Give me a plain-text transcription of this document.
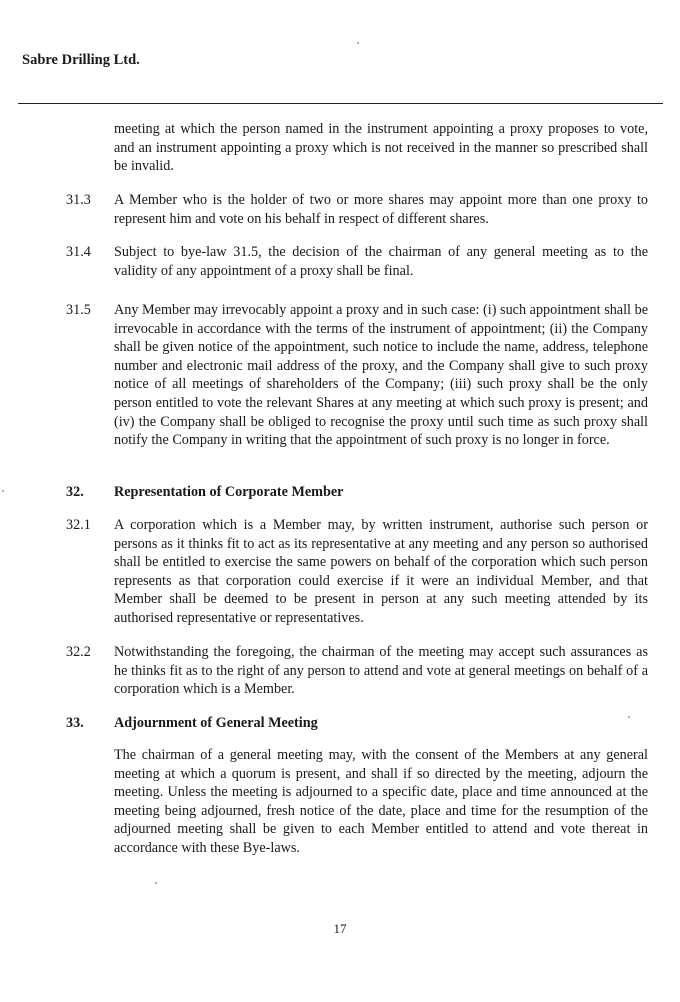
Sabre Drilling Ltd.
meeting at which the person named in the instrument appointing a proxy proposes to vote, and an instrument appointing a proxy which is not received in the manner so prescribed shall be invalid.
31.3 A Member who is the holder of two or more shares may appoint more than one proxy to represent him and vote on his behalf in respect of different shares.
31.4 Subject to bye-law 31.5, the decision of the chairman of any general meeting as to the validity of any appointment of a proxy shall be final.
31.5 Any Member may irrevocably appoint a proxy and in such case: (i) such appointment shall be irrevocable in accordance with the terms of the instrument of appointment; (ii) the Company shall be given notice of the appointment, such notice to include the name, address, telephone number and electronic mail address of the proxy, and the Company shall give to such proxy notice of all meetings of shareholders of the Company; (iii) such proxy shall be the only person entitled to vote the relevant Shares at any meeting at which such proxy is present; and (iv) the Company shall be obliged to recognise the proxy until such time as such proxy shall notify the Company in writing that the appointment of such proxy is no longer in force.
32. Representation of Corporate Member
32.1 A corporation which is a Member may, by written instrument, authorise such person or persons as it thinks fit to act as its representative at any meeting and any person so authorised shall be entitled to exercise the same powers on behalf of the corporation which such person represents as that corporation could exercise if it were an individual Member, and that Member shall be deemed to be present in person at any such meeting attended by its authorised representative or representatives.
32.2 Notwithstanding the foregoing, the chairman of the meeting may accept such assurances as he thinks fit as to the right of any person to attend and vote at general meetings on behalf of a corporation which is a Member.
33. Adjournment of General Meeting
The chairman of a general meeting may, with the consent of the Members at any general meeting at which a quorum is present, and shall if so directed by the meeting, adjourn the meeting. Unless the meeting is adjourned to a specific date, place and time announced at the meeting being adjourned, fresh notice of the date, place and time for the resumption of the adjourned meeting shall be given to each Member entitled to attend and vote thereat in accordance with these Bye-laws.
17
